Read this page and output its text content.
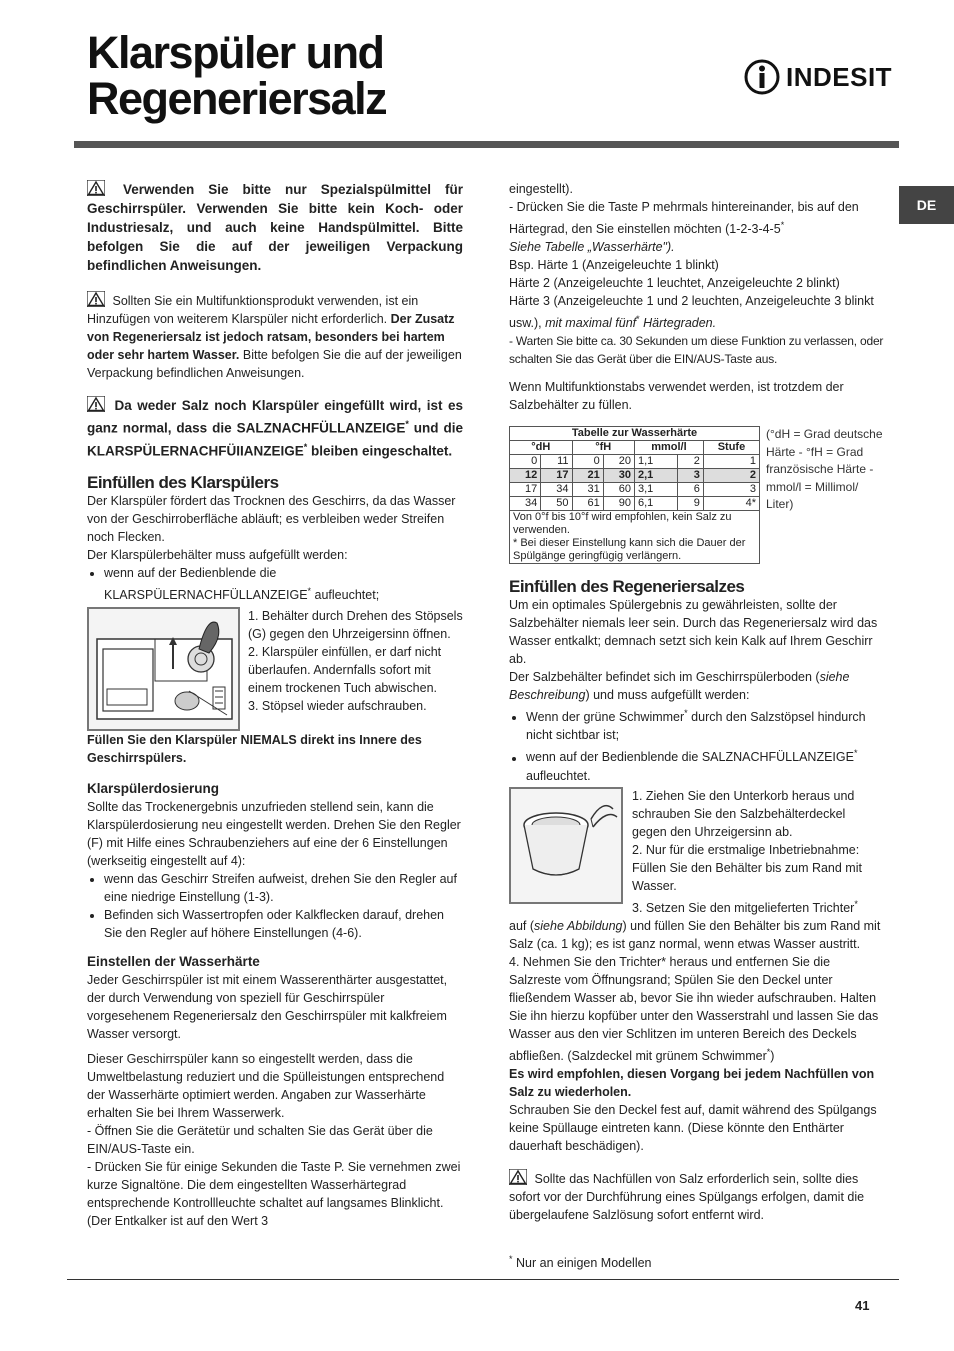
Klarspüler und
Regeneriersalz	INDESIT
DE

Verwenden Sie bitte nur Spezialspülmittel für Geschirrspüler. Verwenden Sie bitte kein Koch- oder Industriesalz, und auch keine Handspülmittel. Bitte befolgen Sie die auf der jeweiligen Verpackung befindlichen Anweisungen.

Sollten Sie ein Multifunktionsprodukt verwenden, ist ein Hinzufügen von weiterem Klarspüler nicht erforderlich. Der Zusatz von Regeneriersalz ist jedoch ratsam, besonders bei hartem oder sehr hartem Wasser. Bitte befolgen Sie die auf der jeweiligen Verpackung befindlichen Anweisungen.

Da weder Salz noch Klarspüler eingefüllt wird, ist es ganz normal, dass die SALZNACHFÜLLANZEIGE* und die KLARSPÜLERNACHFÜIIANZEIGE* bleiben eingeschaltet.

Einfüllen des Klarspülers

Der Klarspüler fördert das Trocknen des Geschirrs, da das Wasser von der Geschirroberfläche abläuft; es verbleiben weder Streifen noch Flecken.

Der Klarspülerbehälter muss aufgefüllt werden:

• wenn auf der Bedienblende die KLARSPÜLERNACHFÜLLANZEIGE* aufleuchtet;

1. Behälter durch Drehen des Stöpsels (G) gegen den Uhrzeigersinn öffnen.
2. Klarspüler einfüllen, er darf nicht überlaufen. Andernfalls sofort mit einem trockenen Tuch abwischen.
3. Stöpsel wieder aufschrauben.

Füllen Sie den Klarspüler NIEMALS direkt ins Innere des Geschirrspülers.

Klarspülerdosierung

Sollte das Trockenergebnis unzufrieden stellend sein, kann die Klarspülerdosierung neu eingestellt werden. Drehen Sie den Regler (F) mit Hilfe eines Schraubenziehers auf eine der 6 Einstellungen (werkseitig eingestellt auf 4):

• wenn das Geschirr Streifen aufweist, drehen Sie den Regler auf eine niedrige Einstellung (1-3).
• Befinden sich Wassertropfen oder Kalkflecken darauf, drehen Sie den Regler auf höhere Einstellungen (4-6).

Einstellen der Wasserhärte

Jeder Geschirrspüler ist mit einem Wasserenthärter ausgestattet, der durch Verwendung von speziell für Geschirrspüler vorgesehenem Regeneriersalz den Geschirrspüler mit kalkfreiem Wasser versorgt.

Dieser Geschirrspüler kann so eingestellt werden, dass die Umweltbelastung reduziert und die Spülleistungen entsprechend der Wasserhärte optimiert werden. Angaben zur Wasserhärte erhalten Sie bei Ihrem Wasserwerk.
- Öffnen Sie die Gerätetür und schalten Sie das Gerät über die EIN/AUS-Taste ein.
- Drücken Sie für einige Sekunden die Taste P. Sie vernehmen zwei kurze Signaltöne. Die dem eingestellten Wasserhärtegrad entsprechende Kontrollleuchte schaltet auf langsames Blinklicht. (Der Entkalker ist auf den Wert 3

eingestellt).

- Drücken Sie die Taste P mehrmals hintereinander, bis auf den Härtegrad, den Sie einstellen möchten (1-2-3-4-5*
Siehe Tabelle „Wasserhärte").

Bsp. Härte 1 (Anzeigeleuchte 1 blinkt)
Härte 2 (Anzeigeleuchte 1 leuchtet, Anzeigeleuchte 2 blinkt)
Härte 3 (Anzeigeleuchte 1 und 2 leuchten, Anzeigeleuchte 3 blinkt usw.), mit maximal fünf* Härtegraden.

- Warten Sie bitte ca. 30 Sekunden um diese Funktion zu verlassen, oder schalten Sie das Gerät über die EIN/AUS-Taste aus.

Wenn Multifunktionstabs verwendet werden, ist trotzdem der Salzbehälter zu füllen.

Tabelle zur Wasserhärte						
°dH		°fH		mmol/l		Stufe
0	11	0	20	1,1	2	1
12	17	21	30	2,1	3	2
17	34	31	60	3,1	6	3
34	50	61	90	6,1	9	4*
Von 0°f bis 10°f wird empfohlen, kein Salz zu verwenden.
* Bei dieser Einstellung kann sich die Dauer der Spülgänge geringfügig verlängern.						

(°dH = Grad deutsche Härte - °fH = Grad französische Härte - mmol/l = Millimol/ Liter)

Einfüllen des Regeneriersalzes

Um ein optimales Spülergebnis zu gewährleisten, sollte der Salzbehälter niemals leer sein. Durch das Regeneriersalz wird das Wasser entkalkt; demnach setzt sich kein Kalk auf Ihrem Geschirr ab.

Der Salzbehälter befindet sich im Geschirrspülerboden (siehe Beschreibung) und muss aufgefüllt werden:

• Wenn der grüne Schwimmer* durch den Salzstöpsel hindurch nicht sichtbar ist;
• wenn auf der Bedienblende die SALZNACHFÜLLANZEIGE* aufleuchtet.

1. Ziehen Sie den Unterkorb heraus und schrauben Sie den Salzbehälterdeckel gegen den Uhrzeigersinn ab.
2. Nur für die erstmalige Inbetriebnahme: Füllen Sie den Behälter bis zum Rand mit Wasser.
3. Setzen Sie den mitgelieferten Trichter*

auf (siehe Abbildung) und füllen Sie den Behälter bis zum Rand mit Salz (ca. 1 kg); es ist ganz normal, wenn etwas Wasser austritt.

4. Nehmen Sie den Trichter* heraus und entfernen Sie die Salzreste vom Öffnungsrand; Spülen Sie den Deckel unter fließendem Wasser ab, bevor Sie ihn wieder aufschrauben. Halten Sie ihn hierzu kopfüber unter den Wasserstrahl und lassen Sie das Wasser aus den vier Schlitzen im unteren Bereich des Deckels abfließen. (Salzdeckel mit grünem Schwimmer*)

Es wird empfohlen, diesen Vorgang bei jedem Nachfüllen von Salz zu wiederholen.

Schrauben Sie den Deckel fest auf, damit während des Spülgangs keine Spüllauge eintreten kann. (Diese könnte den Enthärter dauerhaft beschädigen).

Sollte das Nachfüllen von Salz erforderlich sein, sollte dies sofort vor der Durchführung eines Spülgangs erfolgen, damit die übergelaufene Salzlösung sofort entfernt wird.

* Nur an einigen Modellen

41
